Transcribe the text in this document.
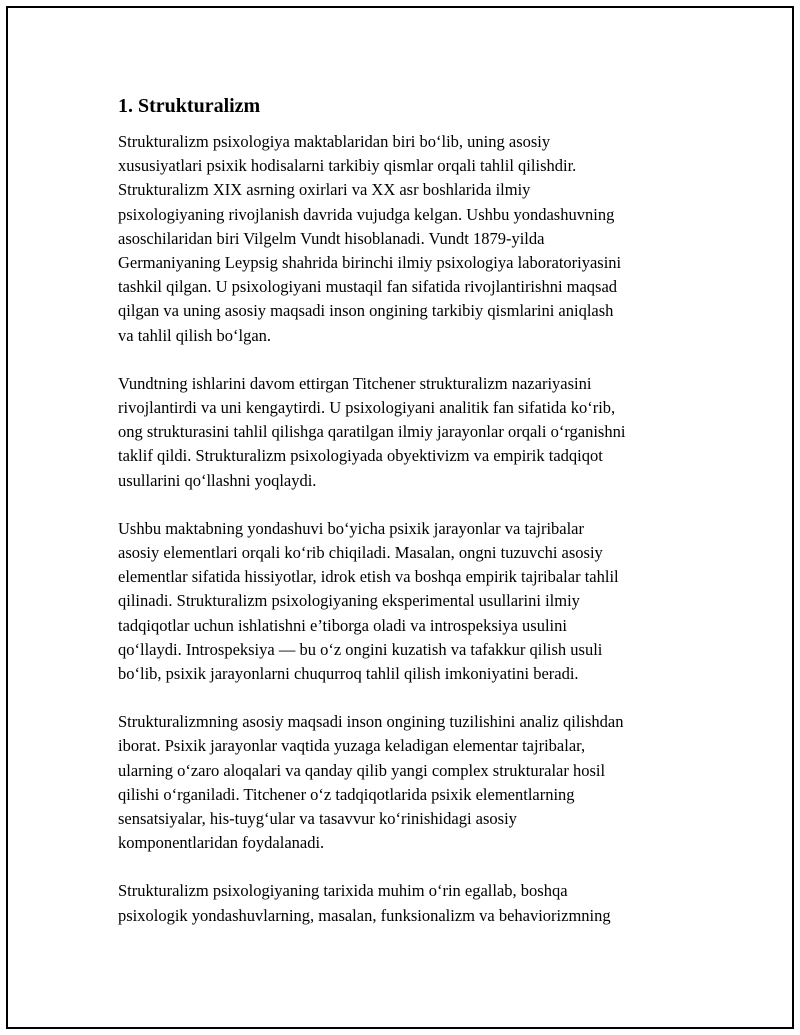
1. Strukturalizm

Strukturalizm psixologiya maktablaridan biri bo‘lib, uning asosiy
xususiyatlari psixik hodisalarni tarkibiy qismlar orqali tahlil qilishdir.
Strukturalizm XIX asrning oxirlari va XX asr boshlarida ilmiy
psixologiyaning rivojlanish davrida vujudga kelgan. Ushbu yondashuvning
asoschilaridan biri Vilgelm Vundt hisoblanadi. Vundt 1879-yilda
Germaniyaning Leypsig shahrida birinchi ilmiy psixologiya laboratoriyasini
tashkil qilgan. U psixologiyani mustaqil fan sifatida rivojlantirishni maqsad
qilgan va uning asosiy maqsadi inson ongining tarkibiy qismlarini aniqlash
va tahlil qilish bo‘lgan.

Vundtning ishlarini davom ettirgan Titchener strukturalizm nazariyasini
rivojlantirdi va uni kengaytirdi. U psixologiyani analitik fan sifatida ko‘rib,
ong strukturasini tahlil qilishga qaratilgan ilmiy jarayonlar orqali o‘rganishni
taklif qildi. Strukturalizm psixologiyada obyektivizm va empirik tadqiqot
usullarini qo‘llashni yoqlaydi.

Ushbu maktabning yondashuvi bo‘yicha psixik jarayonlar va tajribalar
asosiy elementlari orqali ko‘rib chiqiladi. Masalan, ongni tuzuvchi asosiy
elementlar sifatida hissiyotlar, idrok etish va boshqa empirik tajribalar tahlil
qilinadi. Strukturalizm psixologiyaning eksperimental usullarini ilmiy
tadqiqotlar uchun ishlatishni e’tiborga oladi va introspeksiya usulini
qo‘llaydi. Introspeksiya — bu o‘z ongini kuzatish va tafakkur qilish usuli
bo‘lib, psixik jarayonlarni chuqurroq tahlil qilish imkoniyatini beradi.

Strukturalizmning asosiy maqsadi inson ongining tuzilishini analiz qilishdan
iborat. Psixik jarayonlar vaqtida yuzaga keladigan elementar tajribalar,
ularning o‘zaro aloqalari va qanday qilib yangi complex strukturalar hosil
qilishi o‘rganiladi. Titchener o‘z tadqiqotlarida psixik elementlarning
sensatsiyalar, his-tuyg‘ular va tasavvur ko‘rinishidagi asosiy
komponentlaridan foydalanadi.

Strukturalizm psixologiyaning tarixida muhim o‘rin egallab, boshqa
psixologik yondashuvlarning, masalan, funksionalizm va behaviorizmning
